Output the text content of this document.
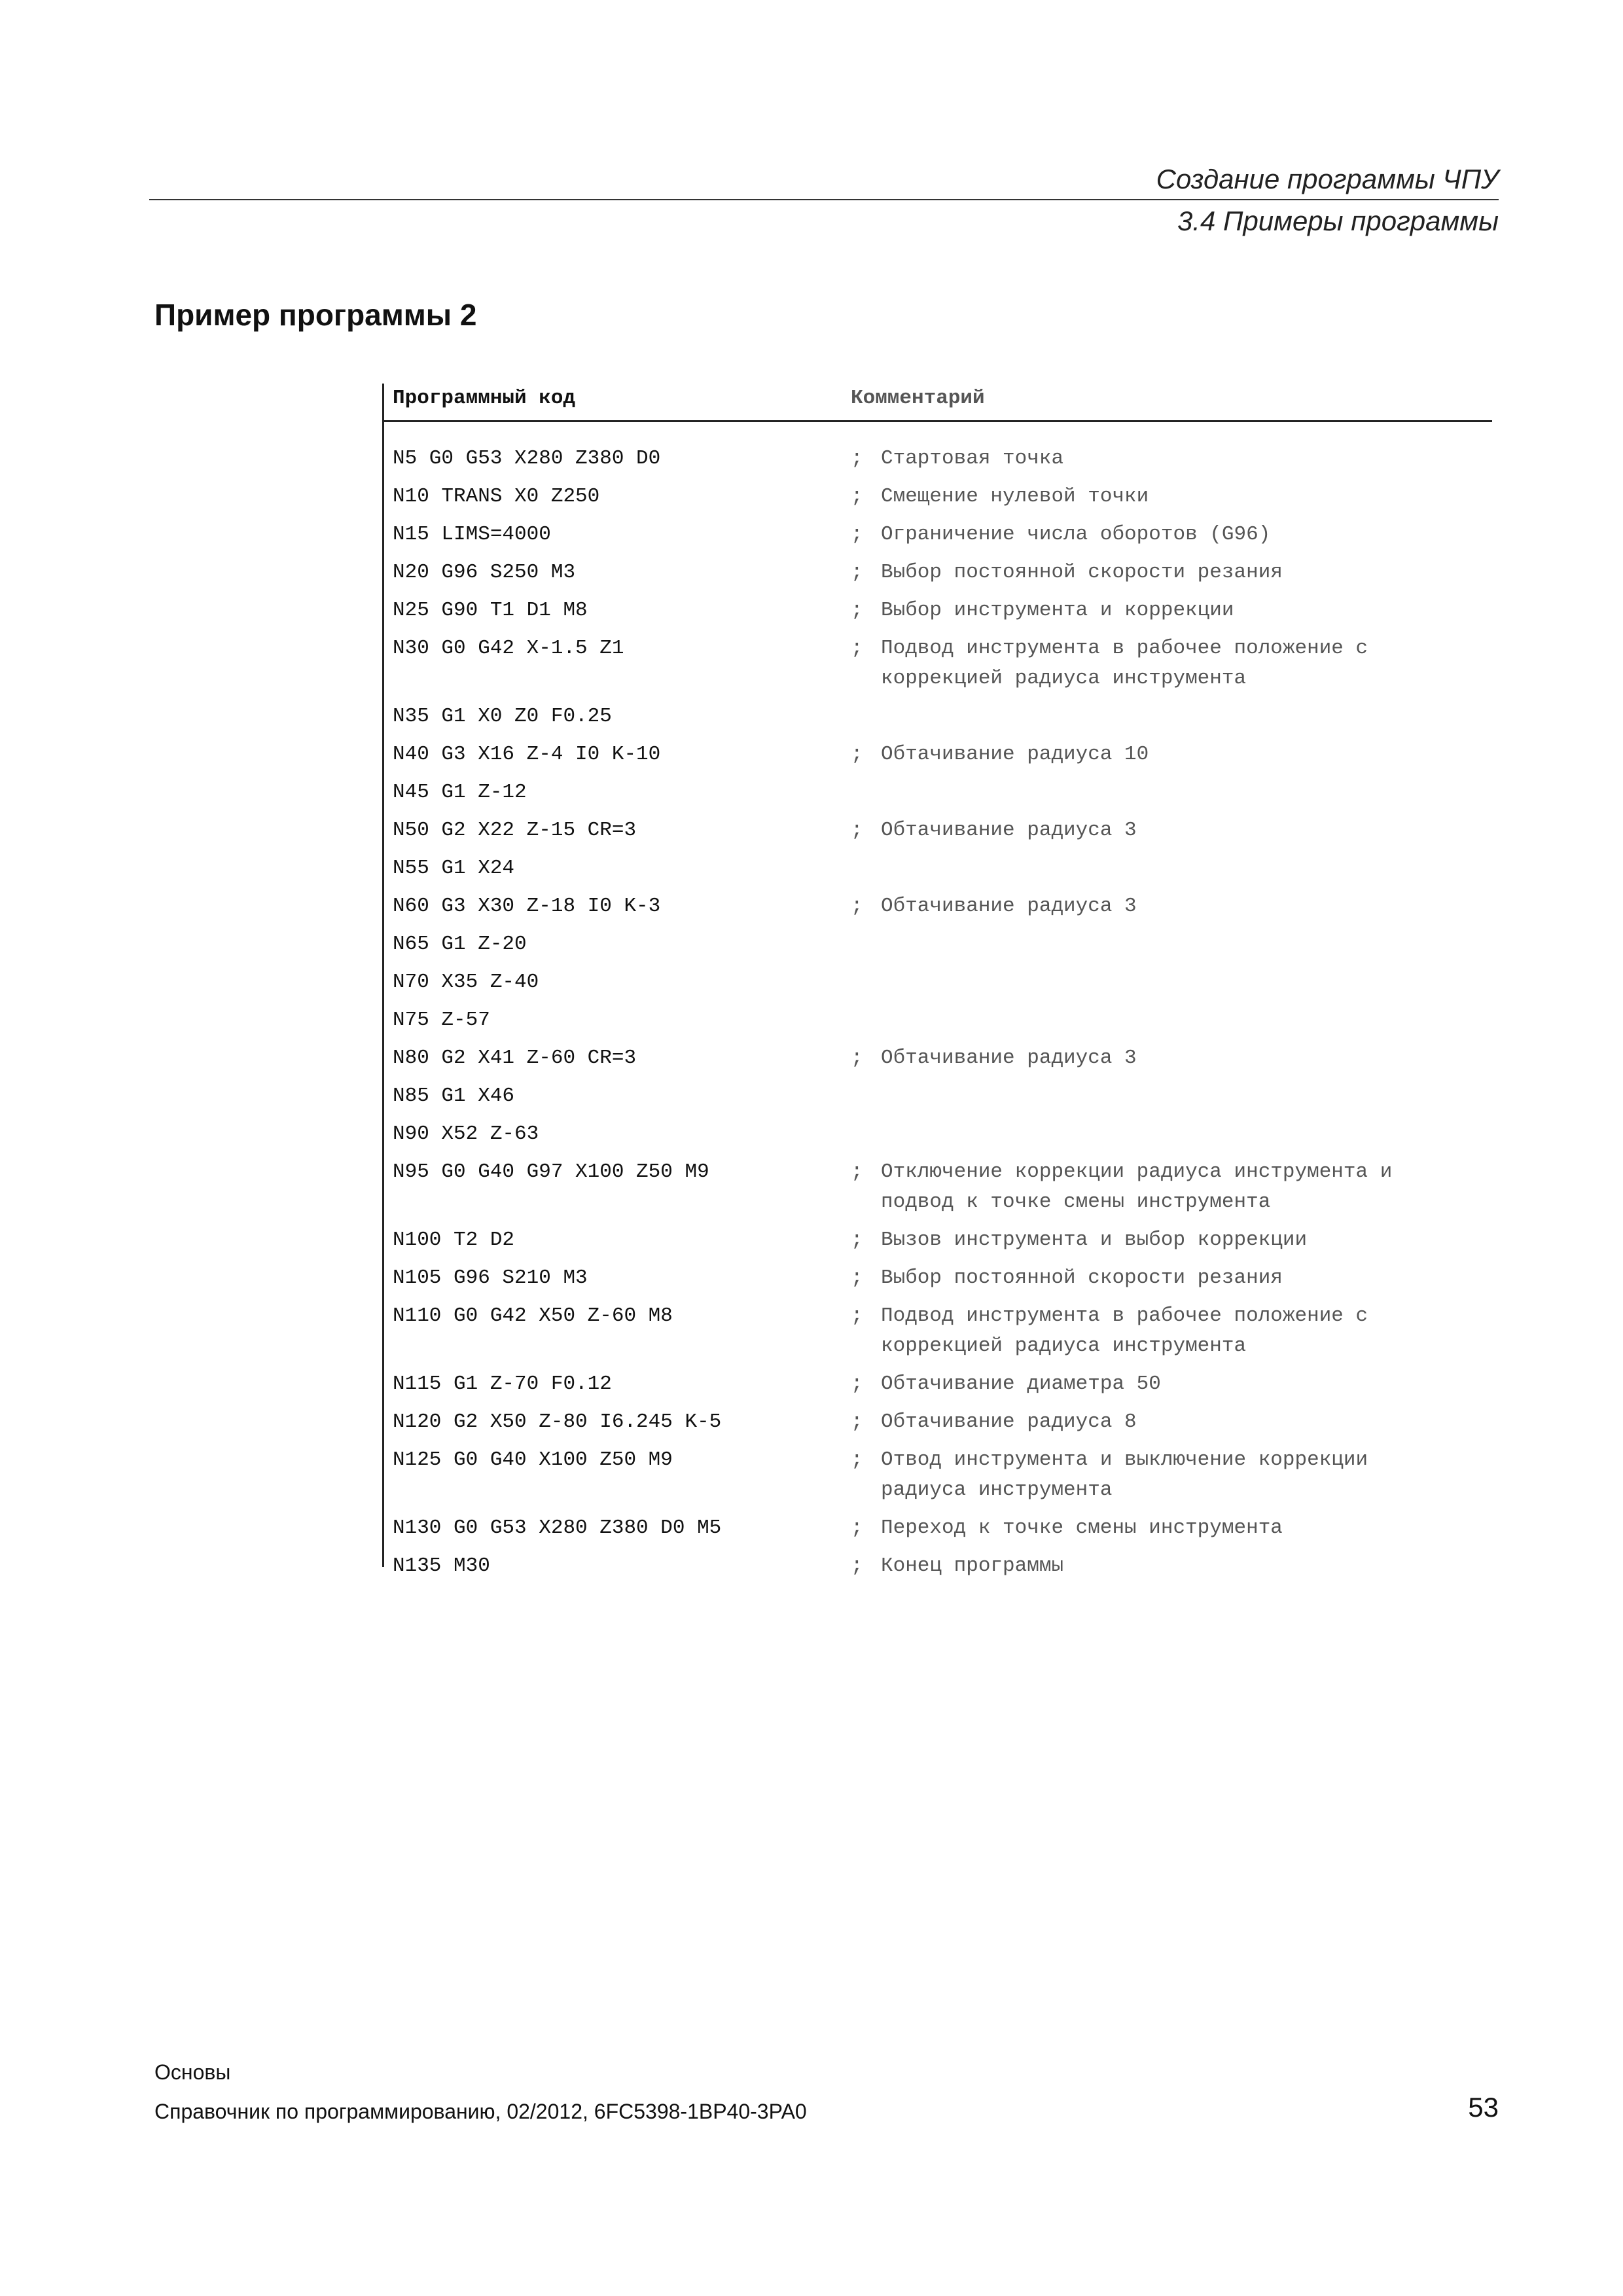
Создание программы ЧПУ
3.4 Примеры программы
Пример программы 2
Программный код	Комментарий
N5 G0 G53 X280 Z380 D0	; Стартовая точка
N10 TRANS X0 Z250	; Смещение нулевой точки
N15 LIMS=4000	; Ограничение числа оборотов (G96)
N20 G96 S250 M3	; Выбор постоянной скорости резания
N25 G90 T1 D1 M8	; Выбор инструмента и коррекции
N30 G0 G42 X-1.5 Z1	; Подвод инструмента в рабочее положение с
коррекцией радиуса инструмента
N35 G1 X0 Z0 F0.25
N40 G3 X16 Z-4 I0 K-10	; Обтачивание радиуса 10
N45 G1 Z-12
N50 G2 X22 Z-15 CR=3	; Обтачивание радиуса 3
N55 G1 X24
N60 G3 X30 Z-18 I0 K-3	; Обтачивание радиуса 3
N65 G1 Z-20
N70 X35 Z-40
N75 Z-57
N80 G2 X41 Z-60 CR=3	; Обтачивание радиуса 3
N85 G1 X46
N90 X52 Z-63
N95 G0 G40 G97 X100 Z50 M9	; Отключение коррекции радиуса инструмента и
подвод к точке смены инструмента
N100 T2 D2	; Вызов инструмента и выбор коррекции
N105 G96 S210 M3	; Выбор постоянной скорости резания
N110 G0 G42 X50 Z-60 M8	; Подвод инструмента в рабочее положение с
коррекцией радиуса инструмента
N115 G1 Z-70 F0.12	; Обтачивание диаметра 50
N120 G2 X50 Z-80 I6.245 K-5	; Обтачивание радиуса 8
N125 G0 G40 X100 Z50 M9	; Отвод инструмента и выключение коррекции
радиуса инструмента
N130 G0 G53 X280 Z380 D0 M5	; Переход к точке смены инструмента
N135 M30	; Конец программы
Основы
Справочник по программированию, 02/2012, 6FC5398-1BP40-3PA0	53
